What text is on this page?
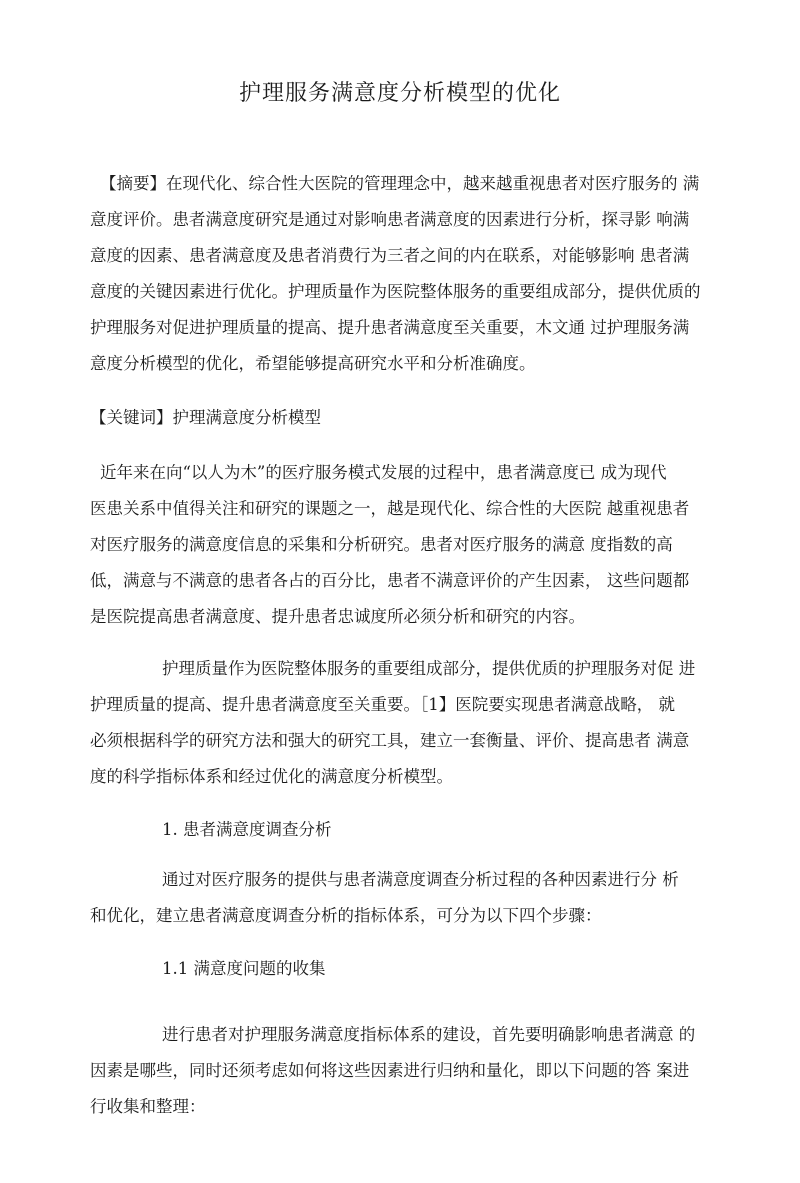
护理服务满意度分析模型的优化

【摘要】在现代化、综合性大医院的管理理念中，越来越重视患者对医疗服务的 满
意度评价。患者满意度研究是通过对影响患者满意度的因素进行分析，探寻影 响满
意度的因素、患者满意度及患者消费行为三者之间的内在联系，对能够影响 患者满
意度的关键因素进行优化。护理质量作为医院整体服务的重要组成部分，提供优质的
护理服务对促进护理质量的提高、提升患者满意度至关重要，木文通 过护理服务满
意度分析模型的优化，希望能够提高研究水平和分析准确度。

【关键词】护理满意度分析模型

近年来在向“以人为木”的医疗服务模式发展的过程中，患者满意度已 成为现代
医患关系中值得关注和研究的课题之一，越是现代化、综合性的大医院 越重视患者
对医疗服务的满意度信息的采集和分析研究。患者对医疗服务的满意 度指数的高
低，满意与不满意的患者各占的百分比，患者不满意评价的产生因素， 这些问题都
是医院提高患者满意度、提升患者忠诚度所必须分析和研究的内容。

护理质量作为医院整体服务的重要组成部分，提供优质的护理服务对促 进
护理质量的提高、提升患者满意度至关重要。［1】医院要实现患者满意战略， 就
必须根据科学的研究方法和强大的研究工具，建立一套衡量、评价、提高患者 满意
度的科学指标体系和经过优化的满意度分析模型。

1. 患者满意度调查分析

通过对医疗服务的提供与患者满意度调查分析过程的各种因素进行分 析
和优化，建立患者满意度调查分析的指标体系，可分为以下四个步骤：

1.1 满意度问题的收集

进行患者对护理服务满意度指标体系的建设，首先要明确影响患者满意 的
因素是哪些，同时还须考虑如何将这些因素进行归纳和量化，即以下问题的答 案进
行收集和整理：
